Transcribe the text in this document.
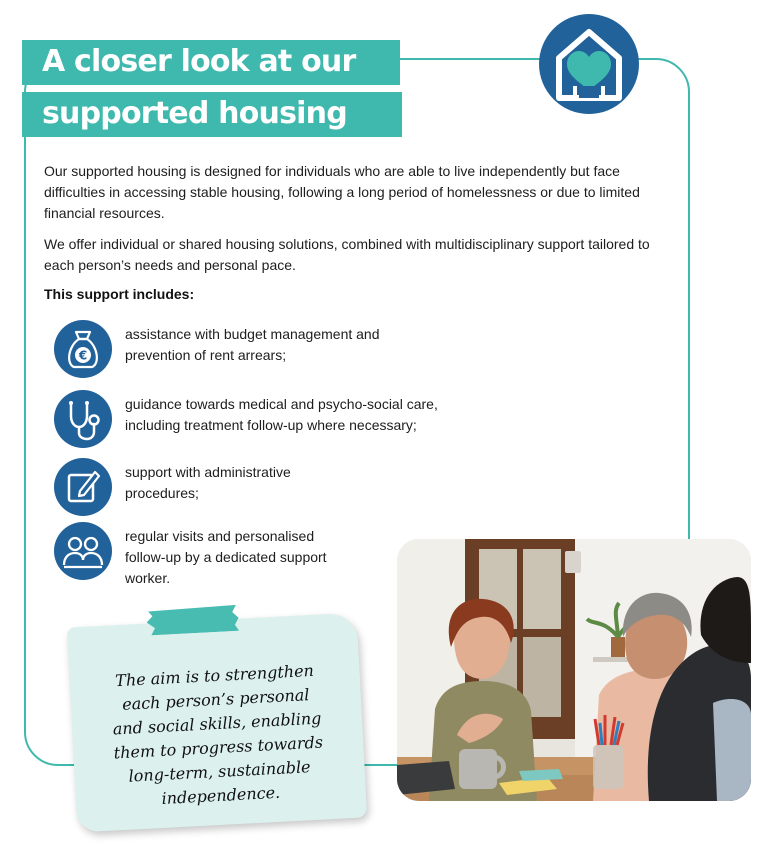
A closer look at our
supported housing

Our supported housing is designed for individuals who are able to live independently but face difficulties in accessing stable housing, following a long period of homelessness or due to limited financial resources.

We offer individual or shared housing solutions, combined with multidisciplinary support tailored to each person’s needs and personal pace.

This support includes:
€
assistance with budget management and
prevention of rent arrears;
guidance towards medical and psycho-social care,
including treatment follow-up where necessary;
support with administrative
procedures;
regular visits and personalised
follow-up by a dedicated support
worker.
The aim is to strengthen
each person’s personal
and social skills, enabling
them to progress towards
long-term, sustainable
independence.
